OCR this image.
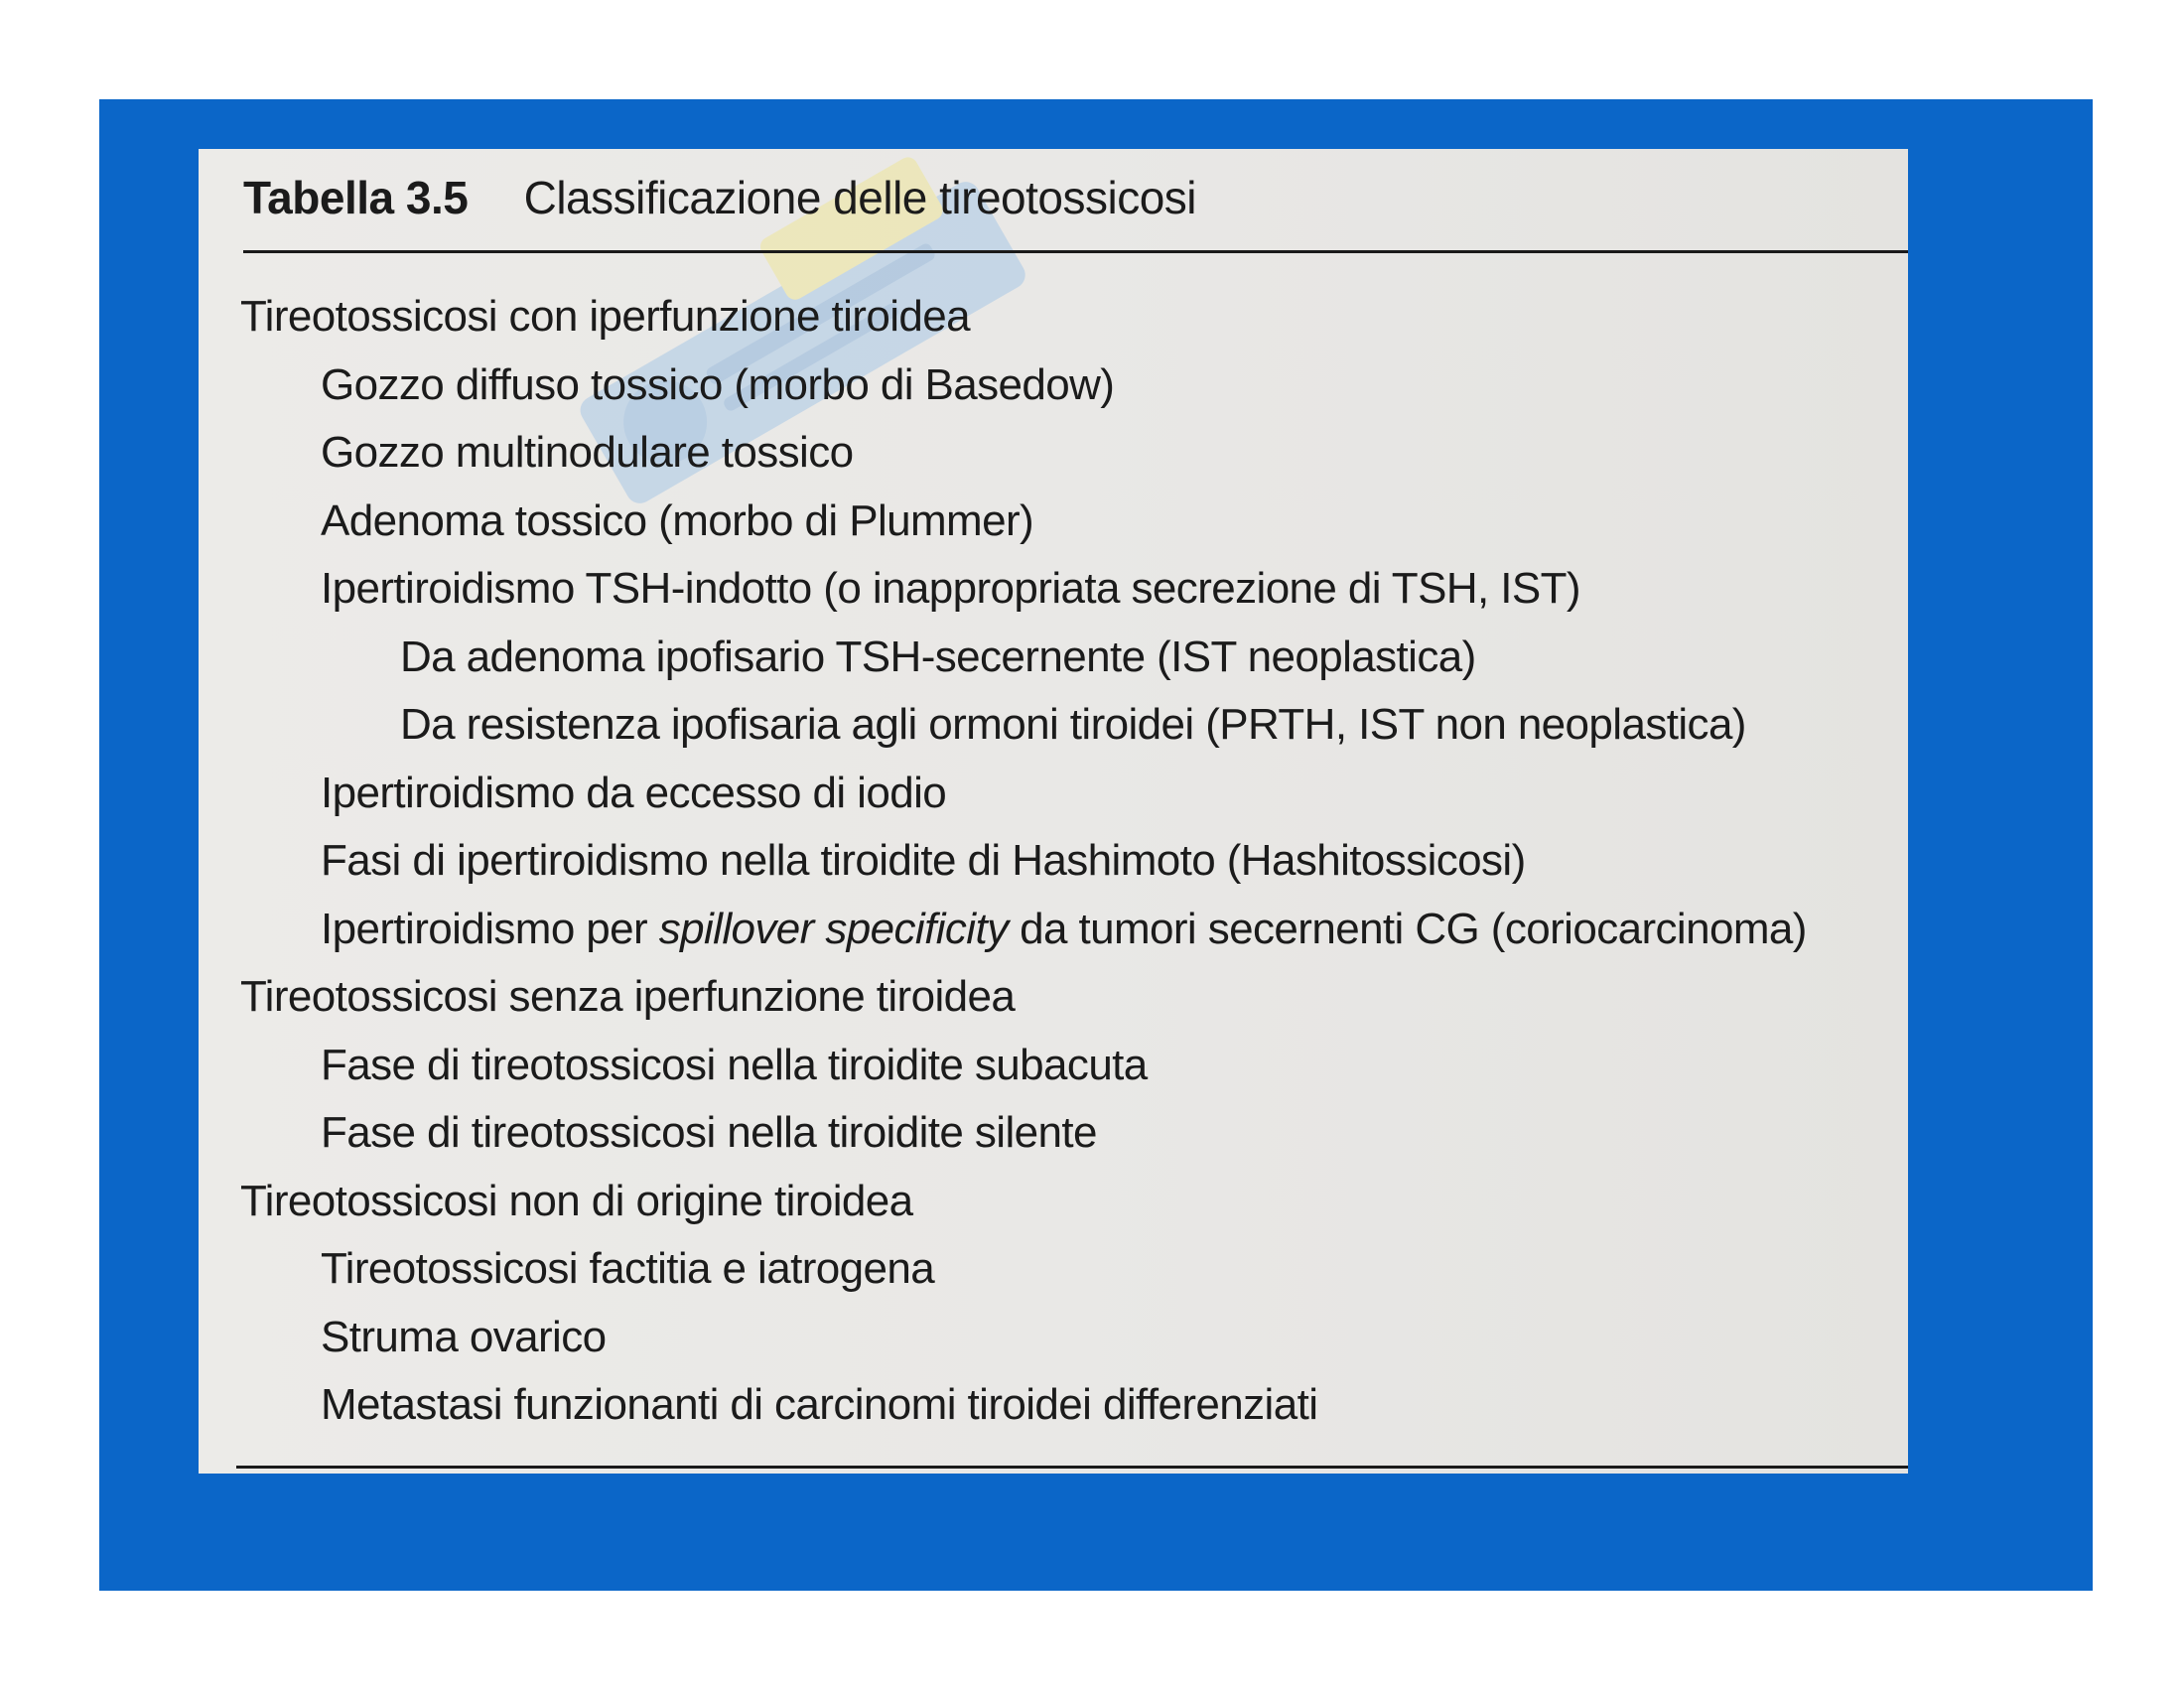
Tabella 3.5 Classificazione delle tireotossicosi
Tireotossicosi con iperfunzione tiroidea
Gozzo diffuso tossico (morbo di Basedow)
Gozzo multinodulare tossico
Adenoma tossico (morbo di Plummer)
Ipertiroidismo TSH-indotto (o inappropriata secrezione di TSH, IST)
Da adenoma ipofisario TSH-secernente (IST neoplastica)
Da resistenza ipofisaria agli ormoni tiroidei (PRTH, IST non neoplastica)
Ipertiroidismo da eccesso di iodio
Fasi di ipertiroidismo nella tiroidite di Hashimoto (Hashitossicosi)
Ipertiroidismo per spillover specificity da tumori secernenti CG (coriocarcinoma)
Tireotossicosi senza iperfunzione tiroidea
Fase di tireotossicosi nella tiroidite subacuta
Fase di tireotossicosi nella tiroidite silente
Tireotossicosi non di origine tiroidea
Tireotossicosi factitia e iatrogena
Struma ovarico
Metastasi funzionanti di carcinomi tiroidei differenziati
